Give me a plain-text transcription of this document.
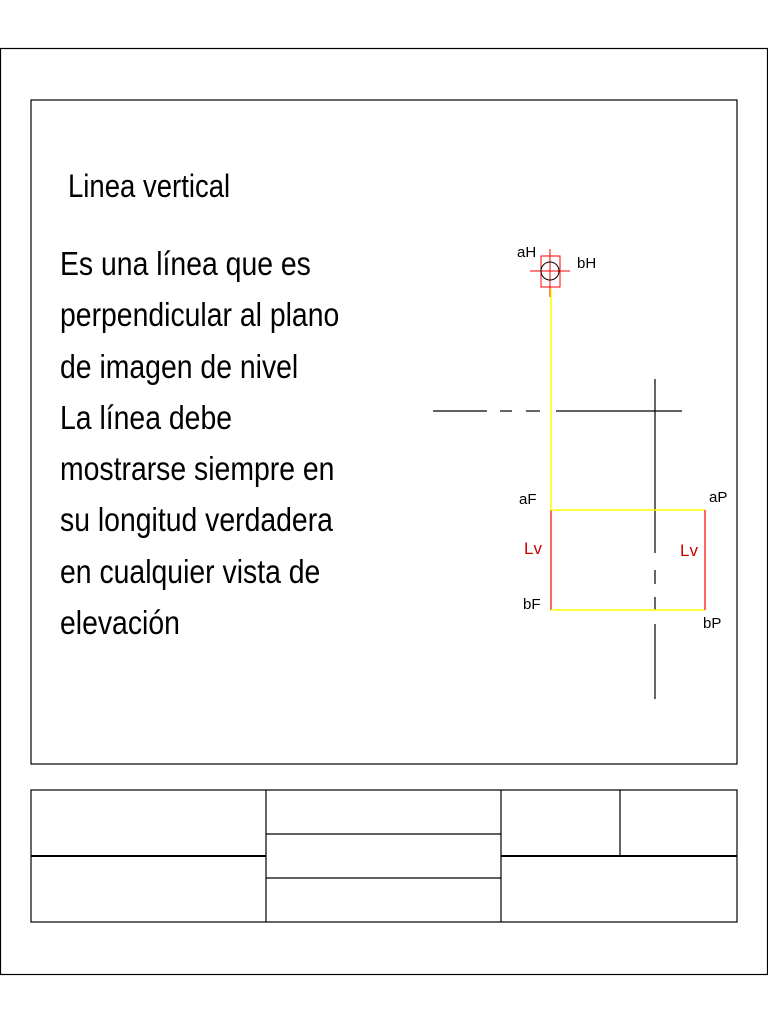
aH
bH
aF	aP
bF
bP
Lv	Lv
Linea vertical
Es una línea que es
perpendicular al plano
de imagen de nivel
La línea debe
mostrarse siempre en
su longitud verdadera
en cualquier vista de
elevación
